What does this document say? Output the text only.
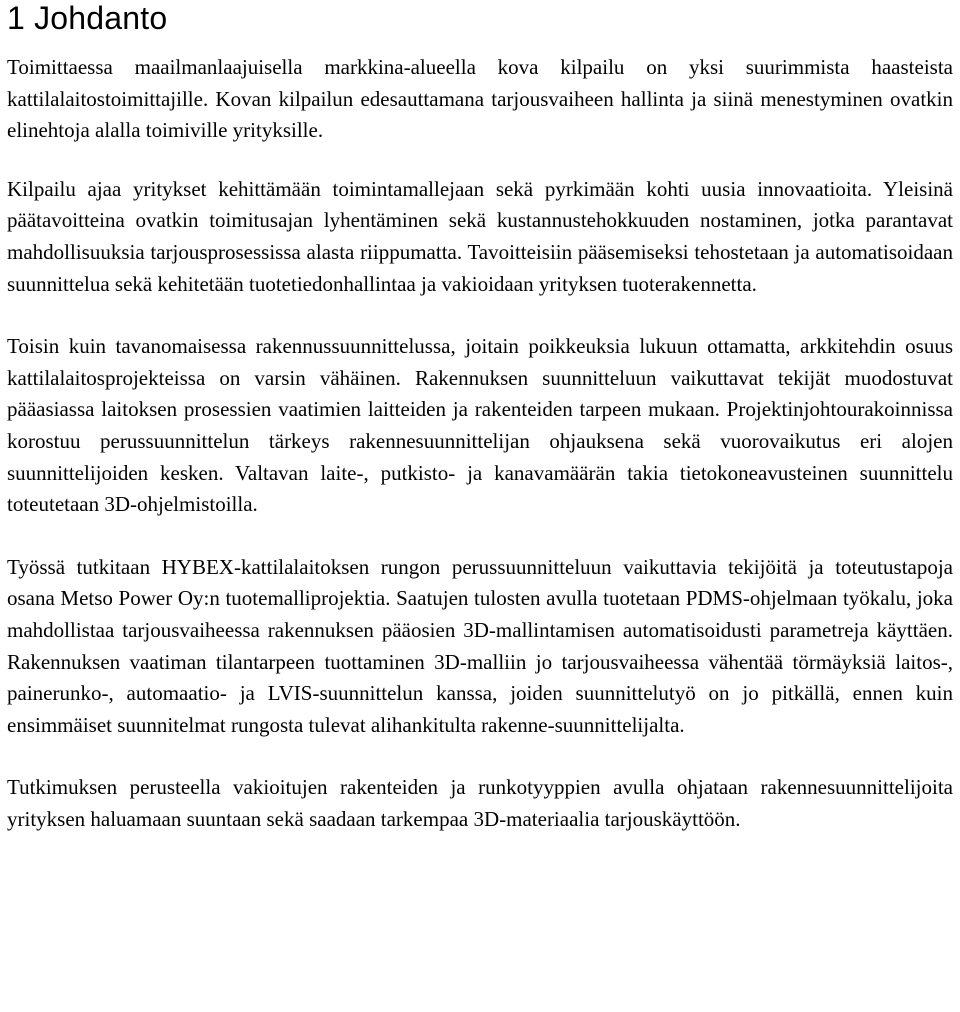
1 Johdanto

Toimittaessa maailmanlaajuisella markkina-alueella kova kilpailu on yksi suurimmista haasteista kattilalaitostoimittajille. Kovan kilpailun edesauttamana tarjousvaiheen hallinta ja siinä menestyminen ovatkin elinehtoja alalla toimiville yrityksille.

Kilpailu ajaa yritykset kehittämään toimintamallejaan sekä pyrkimään kohti uusia innovaatioita. Yleisinä päätavoitteina ovatkin toimitusajan lyhentäminen sekä kustannustehokkuuden nostaminen, jotka parantavat mahdollisuuksia tarjousprosessissa alasta riippumatta. Tavoitteisiin pääsemiseksi tehostetaan ja automatisoidaan suunnittelua sekä kehitetään tuotetiedonhallintaa ja vakioidaan yrityksen tuoterakennetta.

Toisin kuin tavanomaisessa rakennussuunnittelussa, joitain poikkeuksia lukuun ottamatta, arkkitehdin osuus kattilalaitosprojekteissa on varsin vähäinen. Rakennuksen suunnitteluun vaikuttavat tekijät muodostuvat pääasiassa laitoksen prosessien vaatimien laitteiden ja rakenteiden tarpeen mukaan. Projektinjohtourakoinnissa korostuu perussuunnittelun tärkeys rakennesuunnittelijan ohjauksena sekä vuorovaikutus eri alojen suunnittelijoiden kesken. Valtavan laite-, putkisto- ja kanavamäärän takia tietokoneavusteinen suunnittelu toteutetaan 3D-ohjelmistoilla.

Työssä tutkitaan HYBEX-kattilalaitoksen rungon perussuunnitteluun vaikuttavia tekijöitä ja toteutustapoja osana Metso Power Oy:n tuotemalliprojektia. Saatujen tulosten avulla tuotetaan PDMS-ohjelmaan työkalu, joka mahdollistaa tarjousvaiheessa rakennuksen pääosien 3D-mallintamisen automatisoidusti parametreja käyttäen. Rakennuksen vaatiman tilantarpeen tuottaminen 3D-malliin jo tarjousvaiheessa vähentää törmäyksiä laitos-, painerunko-, automaatio- ja LVIS-suunnittelun kanssa, joiden suunnittelutyö on jo pitkällä, ennen kuin ensimmäiset suunnitelmat rungosta tulevat alihankitulta rakenne-suunnittelijalta.

Tutkimuksen perusteella vakioitujen rakenteiden ja runkotyyppien avulla ohjataan rakennesuunnittelijoita yrityksen haluamaan suuntaan sekä saadaan tarkempaa 3D-materiaalia tarjouskäyttöön.
